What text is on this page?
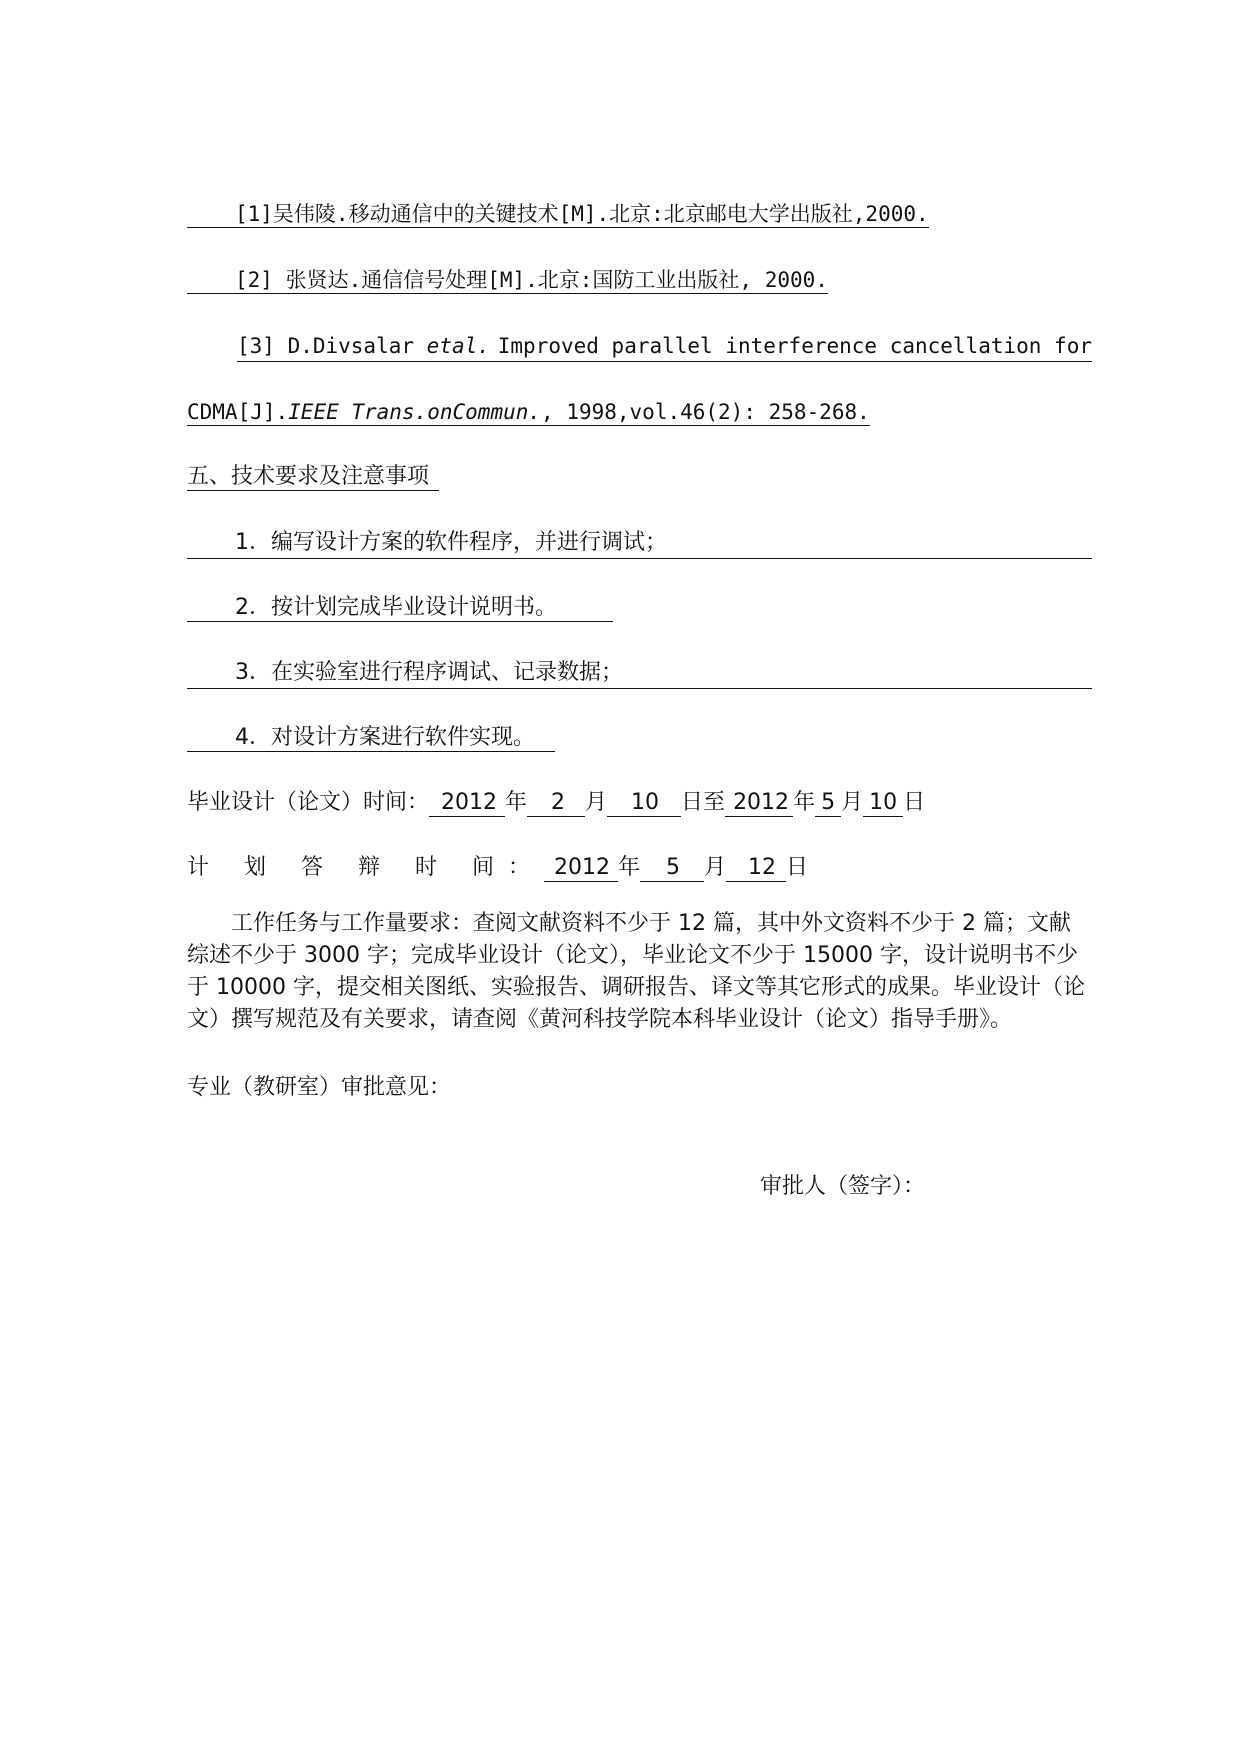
[1]吴伟陵.移动通信中的关键技术[M].北京:北京邮电大学出版社,2000.
[2] 张贤达.通信信号处理[M].北京:国防工业出版社, 2000.
[3] D.Divsalar etal. Improved parallel interference cancellation for
CDMA[J].IEEE Trans.onCommun., 1998,vol.46(2): 258-268.
五、技术要求及注意事项
1．编写设计方案的软件程序，并进行调试；
2．按计划完成毕业设计说明书。
3．在实验室进行程序调试、记录数据；
4．对设计方案进行软件实现。
毕业设计（论文）时间： 2012 年 2 月 10 日至 2012 年 5 月 10 日
计 划 答 辩 时 间： 2012 年 5 月 12 日
工作任务与工作量要求：查阅文献资料不少于 12 篇，其中外文资料不少于 2 篇；文献综述不少于 3000 字；完成毕业设计（论文），毕业论文不少于 15000 字，设计说明书不少于 10000 字，提交相关图纸、实验报告、调研报告、译文等其它形式的成果。毕业设计（论文）撰写规范及有关要求，请查阅《黄河科技学院本科毕业设计（论文）指导手册》。
专业（教研室）审批意见：
审批人（签字）：
